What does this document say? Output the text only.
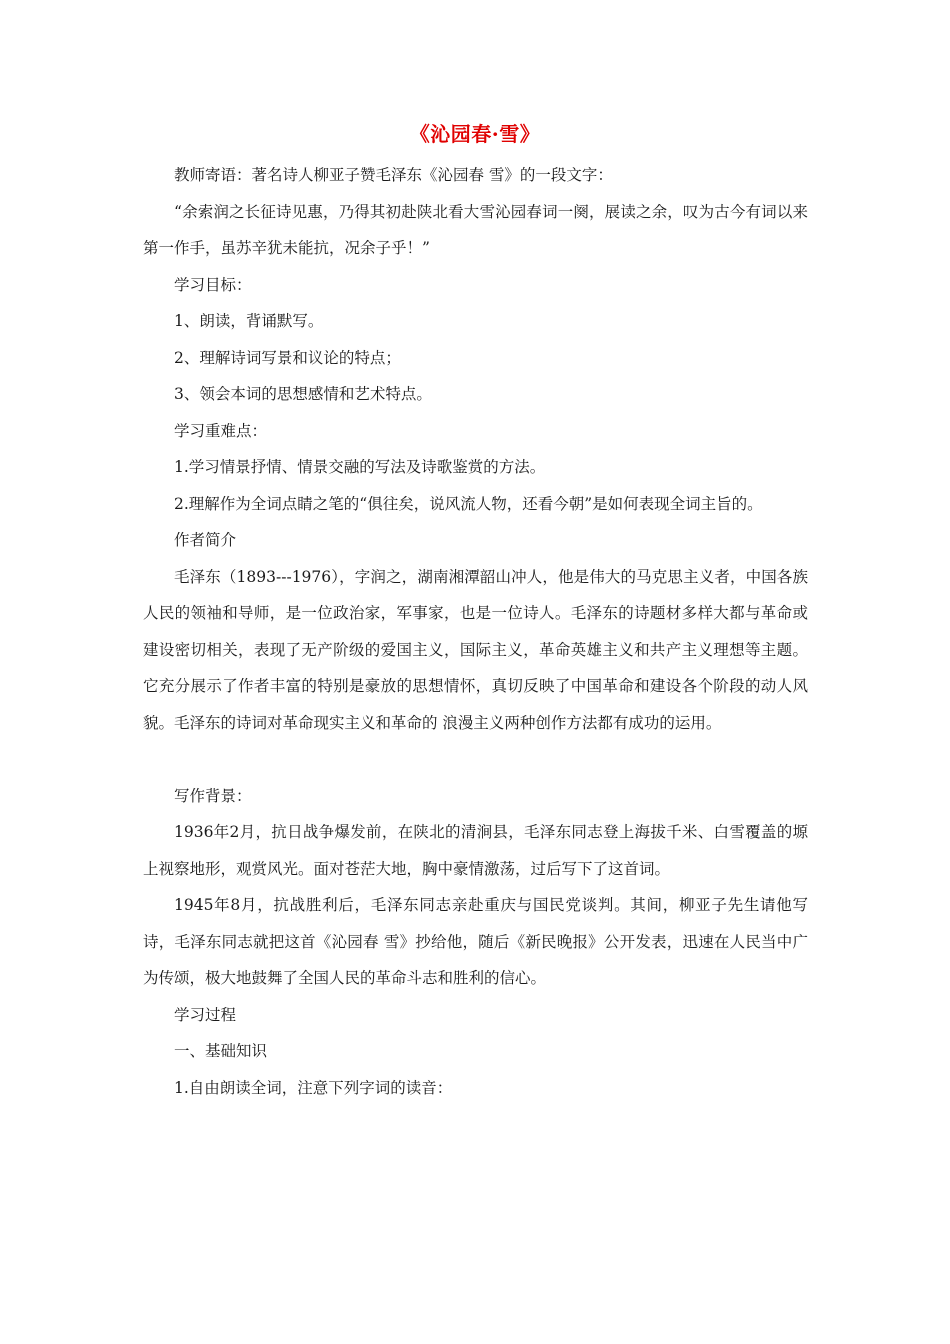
《沁园春·雪》

教师寄语：著名诗人柳亚子赞毛泽东《沁园春 雪》的一段文字：

“余索润之长征诗见惠，乃得其初赴陕北看大雪沁园春词一阕，展读之余，叹为古今有词以来第一作手，虽苏辛犹未能抗，况余子乎！”

学习目标：

1、朗读，背诵默写。

2、理解诗词写景和议论的特点；

3、领会本词的思想感情和艺术特点。

学习重难点：

1.学习情景抒情、情景交融的写法及诗歌鉴赏的方法。

2.理解作为全词点睛之笔的“俱往矣，说风流人物，还看今朝”是如何表现全词主旨的。

作者简介

毛泽东（1893---1976），字润之，湖南湘潭韶山冲人，他是伟大的马克思主义者，中国各族人民的领袖和导师，是一位政治家，军事家，也是一位诗人。毛泽东的诗题材多样大都与革命或建设密切相关，表现了无产阶级的爱国主义，国际主义，革命英雄主义和共产主义理想等主题。它充分展示了作者丰富的特别是豪放的思想情怀，真切反映了中国革命和建设各个阶段的动人风貌。毛泽东的诗词对革命现实主义和革命的 浪漫主义两种创作方法都有成功的运用。

写作背景：

1936年2月，抗日战争爆发前，在陕北的清涧县，毛泽东同志登上海拔千米、白雪覆盖的塬上视察地形，观赏风光。面对苍茫大地，胸中豪情激荡，过后写下了这首词。

1945年8月，抗战胜利后，毛泽东同志亲赴重庆与国民党谈判。其间，柳亚子先生请他写诗，毛泽东同志就把这首《沁园春 雪》抄给他，随后《新民晚报》公开发表，迅速在人民当中广为传颂，极大地鼓舞了全国人民的革命斗志和胜利的信心。

学习过程

一、基础知识

1.自由朗读全词，注意下列字词的读音：
